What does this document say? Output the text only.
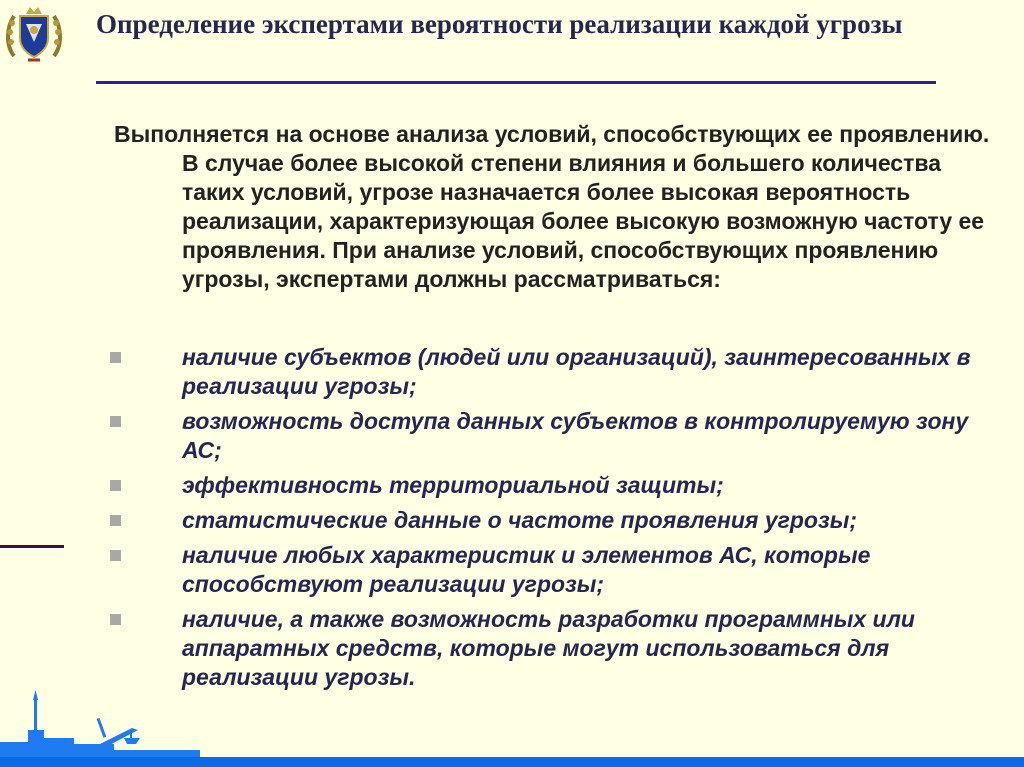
Определение экспертами вероятности реализации каждой угрозы

Выполняется на основе анализа условий, способствующих ее проявлению. В случае более высокой степени влияния и большего количества таких условий, угрозе назначается более высокая вероятность реализации, характеризующая более высокую возможную частоту ее проявления. При анализе условий, способствующих проявлению угрозы, экспертами должны рассматриваться:

наличие субъектов (людей или организаций), заинтересованных в реализации угрозы;
возможность доступа данных субъектов в контролируемую зону АС;
эффективность территориальной защиты;
статистические данные о частоте проявления угрозы;
наличие любых характеристик и элементов АС, которые способствуют реализации угрозы;
наличие, а также возможность разработки программных или аппаратных средств, которые могут использоваться для реализации угрозы.
